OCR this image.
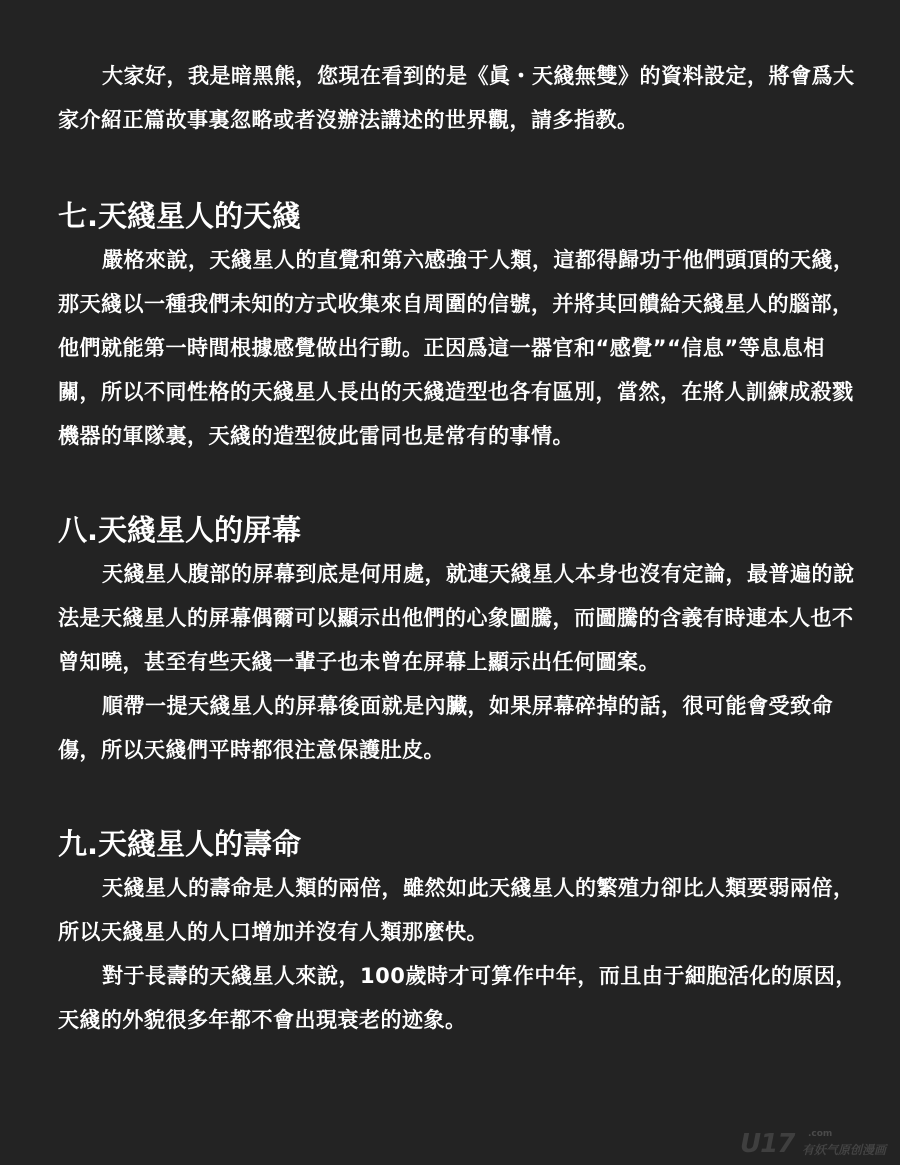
大家好，我是暗黑熊，您現在看到的是《眞・天綫無雙》的資料設定，將會爲大家介紹正篇故事裏忽略或者沒辦法講述的世界觀，請多指教。

七.天綫星人的天綫

嚴格來說，天綫星人的直覺和第六感強于人類，這都得歸功于他們頭頂的天綫，那天綫以一種我們未知的方式收集來自周圍的信號，并將其回饋給天綫星人的腦部，他們就能第一時間根據感覺做出行動。正因爲這一器官和“感覺”“信息”等息息相關，所以不同性格的天綫星人長出的天綫造型也各有區別，當然，在將人訓練成殺戮機器的軍隊裏，天綫的造型彼此雷同也是常有的事情。

八.天綫星人的屏幕

天綫星人腹部的屏幕到底是何用處，就連天綫星人本身也沒有定論，最普遍的說法是天綫星人的屏幕偶爾可以顯示出他們的心象圖騰，而圖騰的含義有時連本人也不曾知曉，甚至有些天綫一輩子也未曾在屏幕上顯示出任何圖案。

順帶一提天綫星人的屏幕後面就是內臟，如果屏幕碎掉的話，很可能會受致命傷，所以天綫們平時都很注意保護肚皮。

九.天綫星人的壽命

天綫星人的壽命是人類的兩倍，雖然如此天綫星人的繁殖力卻比人類要弱兩倍，所以天綫星人的人口增加并沒有人類那麼快。

對于長壽的天綫星人來說，100歲時才可算作中年，而且由于細胞活化的原因，天綫的外貌很多年都不會出現衰老的迹象。

U17 .com
有妖气原创漫画
